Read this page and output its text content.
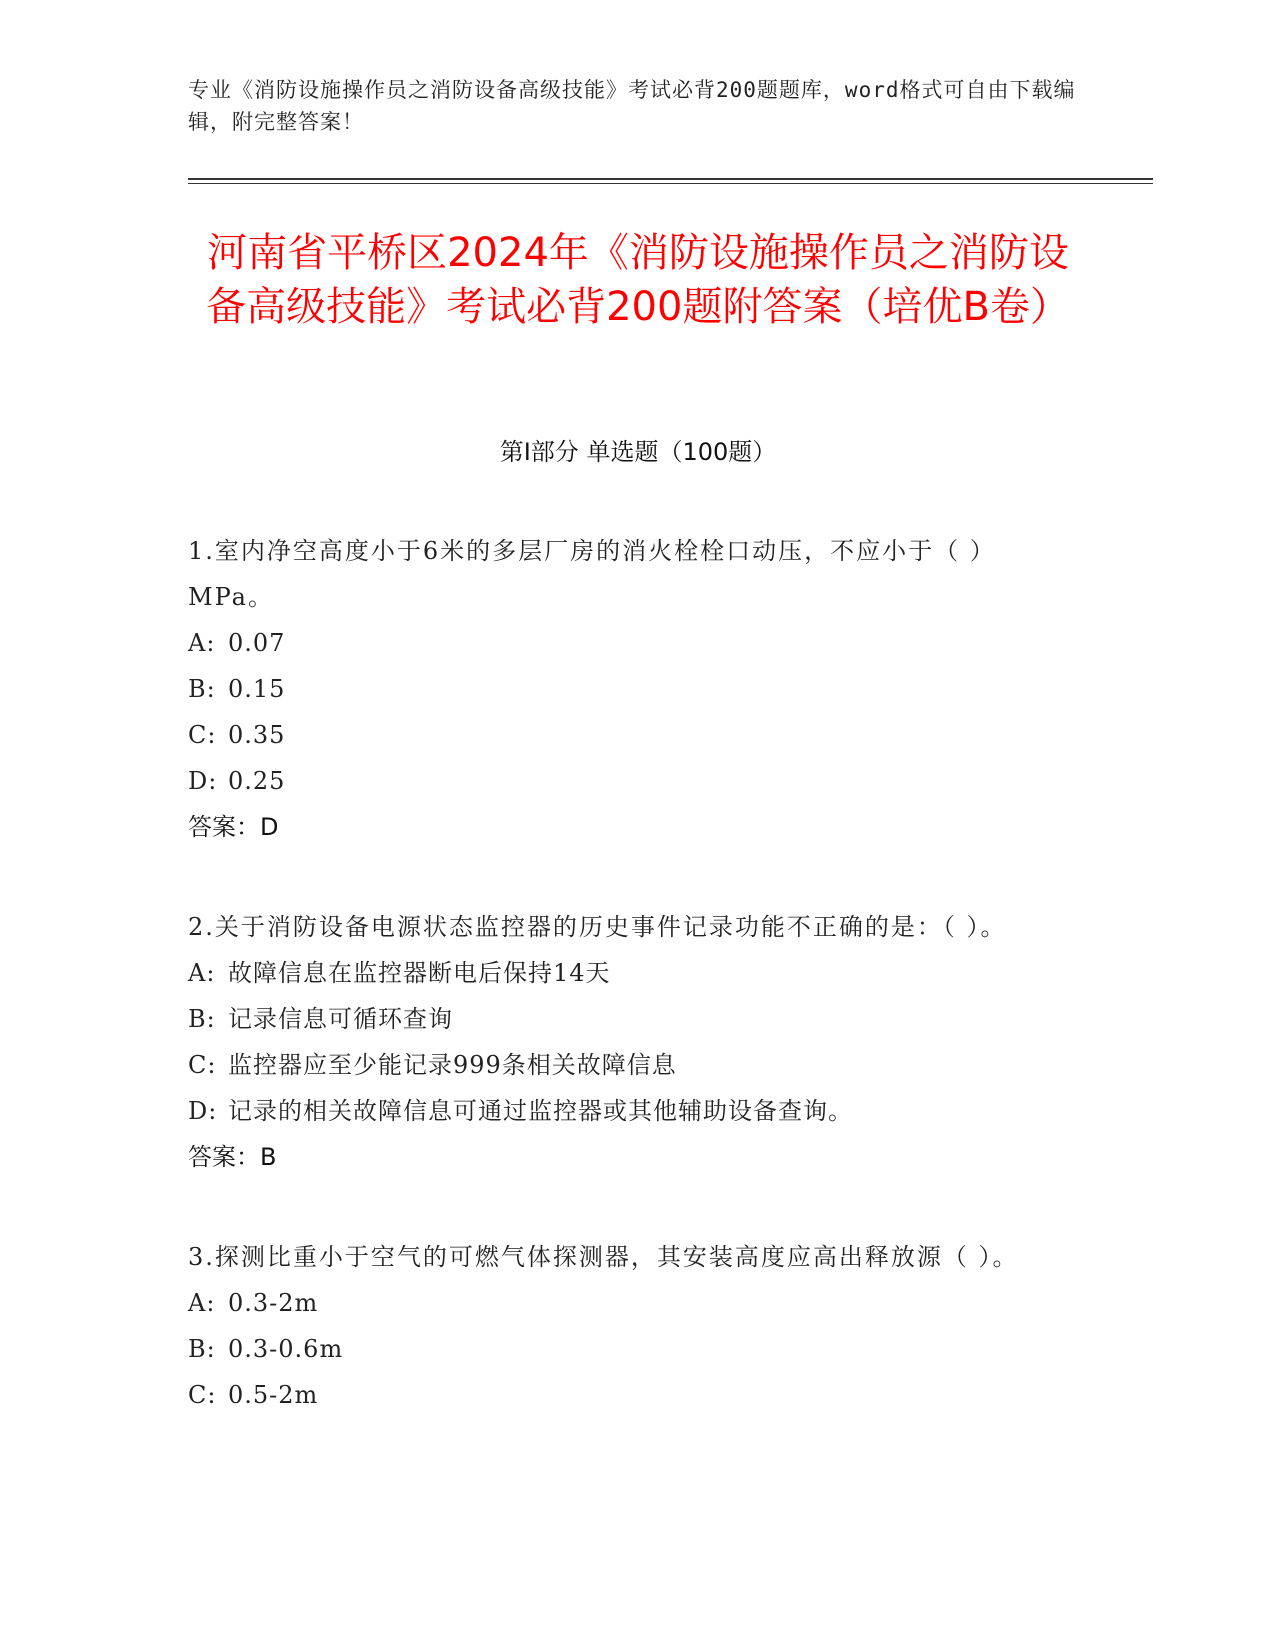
专业《消防设施操作员之消防设备高级技能》考试必背200题题库，word格式可自由下载编辑，附完整答案！
河南省平桥区2024年《消防设施操作员之消防设备高级技能》考试必背200题附答案（培优B卷）
第Ⅰ部分 单选题（100题）
1.室内净空高度小于6米的多层厂房的消火栓栓口动压，不应小于（ ）MPa。
A: 0.07
B: 0.15
C: 0.35
D: 0.25
答案：D
2.关于消防设备电源状态监控器的历史事件记录功能不正确的是：（ ）。
A: 故障信息在监控器断电后保持14天
B: 记录信息可循环查询
C: 监控器应至少能记录999条相关故障信息
D: 记录的相关故障信息可通过监控器或其他辅助设备查询。
答案：B
3.探测比重小于空气的可燃气体探测器，其安装高度应高出释放源（ ）。
A: 0.3-2m
B: 0.3-0.6m
C: 0.5-2m
